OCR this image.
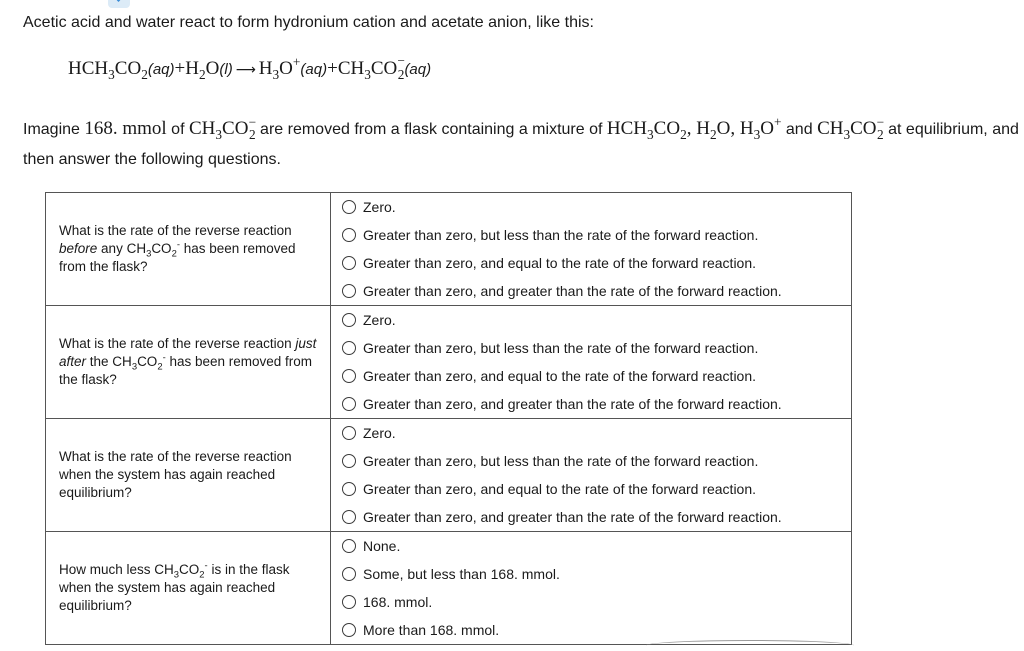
Acetic acid and water react to form hydronium cation and acetate anion, like this:
$HCH_3CO_2(aq)+H_2O(l)$ ⟶ $H_3O^+(aq)+CH_3CO^-_2(aq)$
Imagine 168. mmol of $CH_3CO^-_2$ are removed from a flask containing a mixture of $HCH_3CO_2$, $H_2O$, $H_3O^+$ and $CH_3CO^-_2$ at equilibrium, and then answer the following questions.
What is the rate of the reverse reaction before any $CH_3CO_2^-$ has been removed from the flask?	Zero.
Greater than zero, but less than the rate of the forward reaction.
Greater than zero, and equal to the rate of the forward reaction.
Greater than zero, and greater than the rate of the forward reaction.

What is the rate of the reverse reaction just after the $CH_3CO_2^-$ has been removed from the flask?	Zero.
Greater than zero, but less than the rate of the forward reaction.
Greater than zero, and equal to the rate of the forward reaction.
Greater than zero, and greater than the rate of the forward reaction.

What is the rate of the reverse reaction when the system has again reached equilibrium?	Zero.
Greater than zero, but less than the rate of the forward reaction.
Greater than zero, and equal to the rate of the forward reaction.
Greater than zero, and greater than the rate of the forward reaction.

How much less $CH_3CO_2^-$ is in the flask when the system has again reached equilibrium?	None.
Some, but less than 168. mmol.
168. mmol.
More than 168. mmol.
